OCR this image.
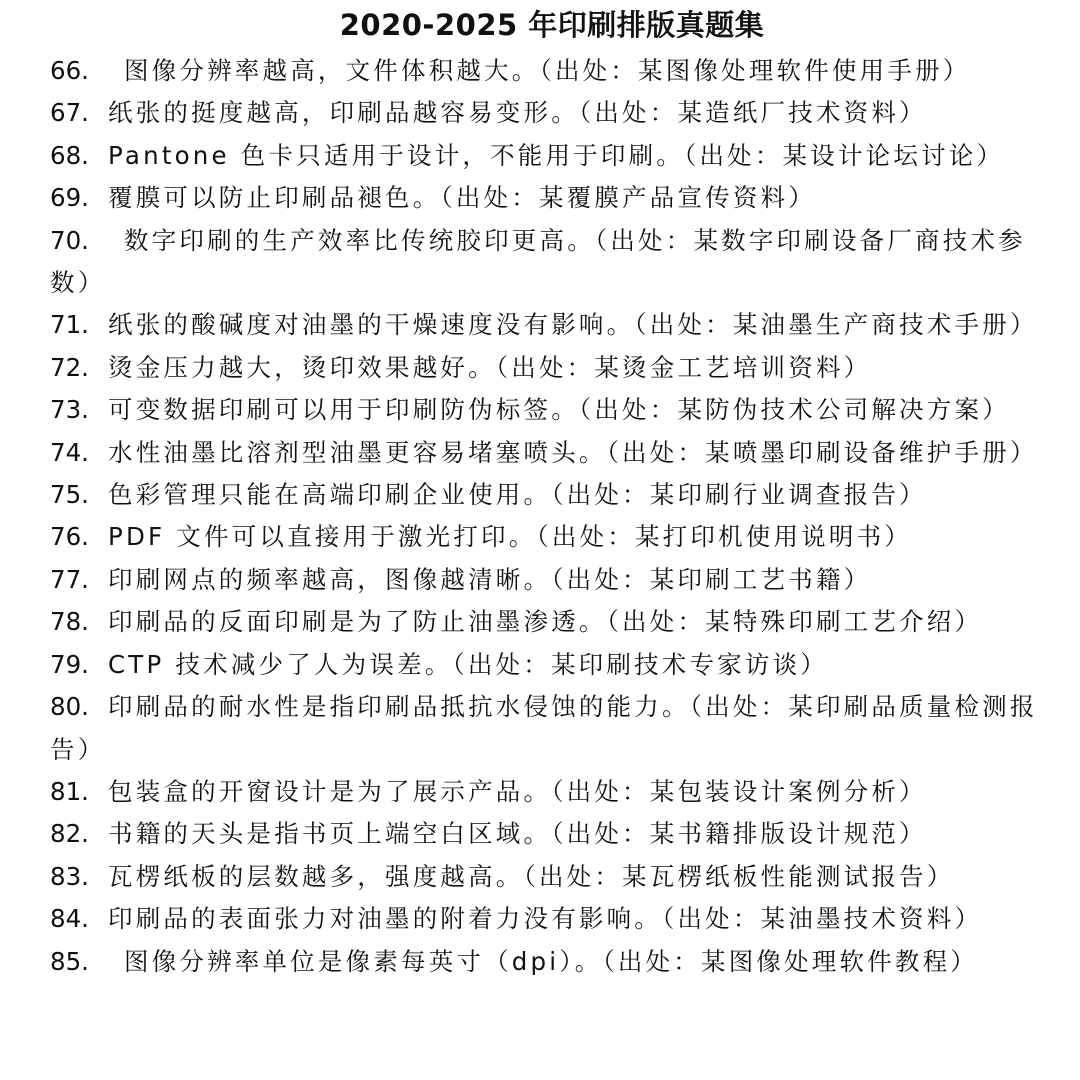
2020-2025 年印刷排版真题集
66. 图像分辨率越高，文件体积越大。（出处：某图像处理软件使用手册）
67. 纸张的挺度越高，印刷品越容易变形。（出处：某造纸厂技术资料）
68. Pantone 色卡只适用于设计，不能用于印刷。（出处：某设计论坛讨论）
69. 覆膜可以防止印刷品褪色。（出处：某覆膜产品宣传资料）
70. 数字印刷的生产效率比传统胶印更高。（出处：某数字印刷设备厂商技术参数）
71. 纸张的酸碱度对油墨的干燥速度没有影响。（出处：某油墨生产商技术手册）
72. 烫金压力越大，烫印效果越好。（出处：某烫金工艺培训资料）
73. 可变数据印刷可以用于印刷防伪标签。（出处：某防伪技术公司解决方案）
74. 水性油墨比溶剂型油墨更容易堵塞喷头。（出处：某喷墨印刷设备维护手册）
75. 色彩管理只能在高端印刷企业使用。（出处：某印刷行业调查报告）
76. PDF 文件可以直接用于激光打印。（出处：某打印机使用说明书）
77. 印刷网点的频率越高，图像越清晰。（出处：某印刷工艺书籍）
78. 印刷品的反面印刷是为了防止油墨渗透。（出处：某特殊印刷工艺介绍）
79. CTP 技术减少了人为误差。（出处：某印刷技术专家访谈）
80. 印刷品的耐水性是指印刷品抵抗水侵蚀的能力。（出处：某印刷品质量检测报告）
81. 包装盒的开窗设计是为了展示产品。（出处：某包装设计案例分析）
82. 书籍的天头是指书页上端空白区域。（出处：某书籍排版设计规范）
83. 瓦楞纸板的层数越多，强度越高。（出处：某瓦楞纸板性能测试报告）
84. 印刷品的表面张力对油墨的附着力没有影响。（出处：某油墨技术资料）
85. 图像分辨率单位是像素每英寸（dpi）。（出处：某图像处理软件教程）
